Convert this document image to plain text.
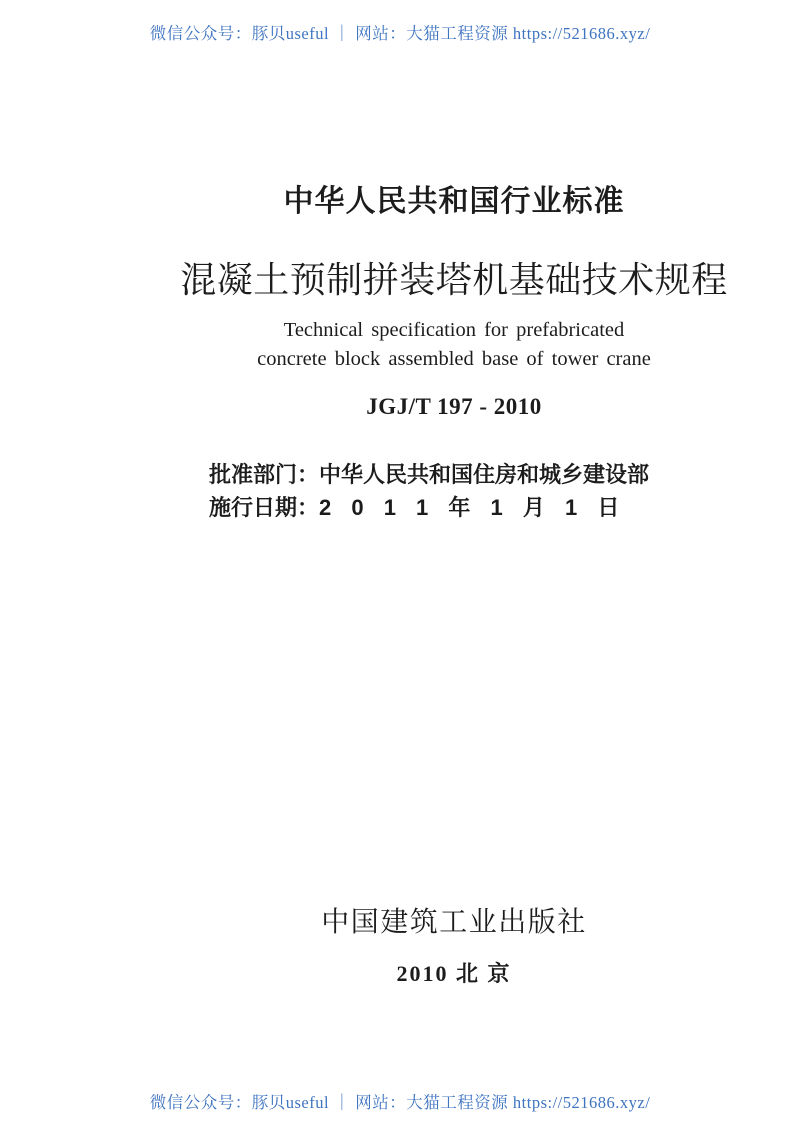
微信公众号：豚贝useful ｜ 网站：大猫工程资源 https://521686.xyz/
中华人民共和国行业标准
混凝土预制拼装塔机基础技术规程
Technical specification for prefabricated
concrete block assembled base of tower crane
JGJ/T 197 - 2010
批准部门：中华人民共和国住房和城乡建设部
施行日期：2 0 1 1 年 1 月 1 日
中国建筑工业出版社
2010 北 京
微信公众号：豚贝useful ｜ 网站：大猫工程资源 https://521686.xyz/
